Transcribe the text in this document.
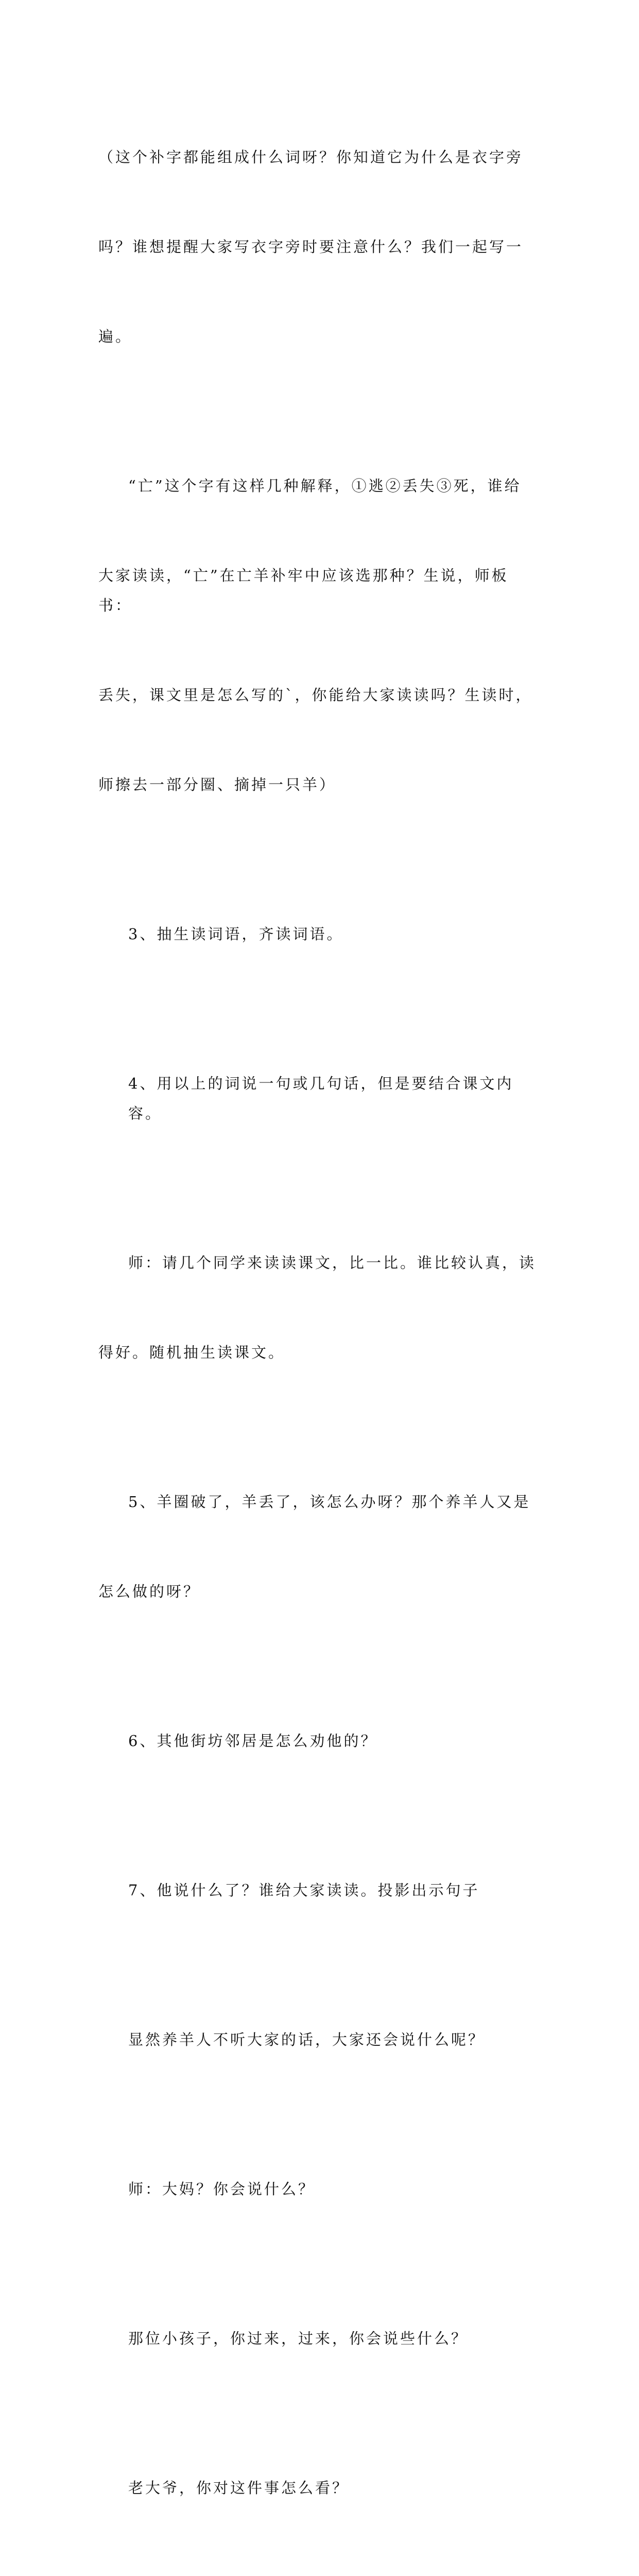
（这个补字都能组成什么词呀？你知道它为什么是衣字旁

吗？谁想提醒大家写衣字旁时要注意什么？我们一起写一

遍。

“亡”这个字有这样几种解释，①逃②丢失③死，谁给

大家读读，“亡”在亡羊补牢中应该选那种？生说，师板书：

丢失，课文里是怎么写的`，你能给大家读读吗？生读时，

师擦去一部分圈、摘掉一只羊）

3、抽生读词语，齐读词语。

4、用以上的词说一句或几句话，但是要结合课文内容。

师：请几个同学来读读课文，比一比。谁比较认真，读

得好。随机抽生读课文。

5、羊圈破了，羊丢了，该怎么办呀？那个养羊人又是

怎么做的呀？

6、其他街坊邻居是怎么劝他的？

7、他说什么了？谁给大家读读。投影出示句子

显然养羊人不听大家的话，大家还会说什么呢？

师：大妈？你会说什么？

那位小孩子，你过来，过来，你会说些什么？

老大爷，你对这件事怎么看？
